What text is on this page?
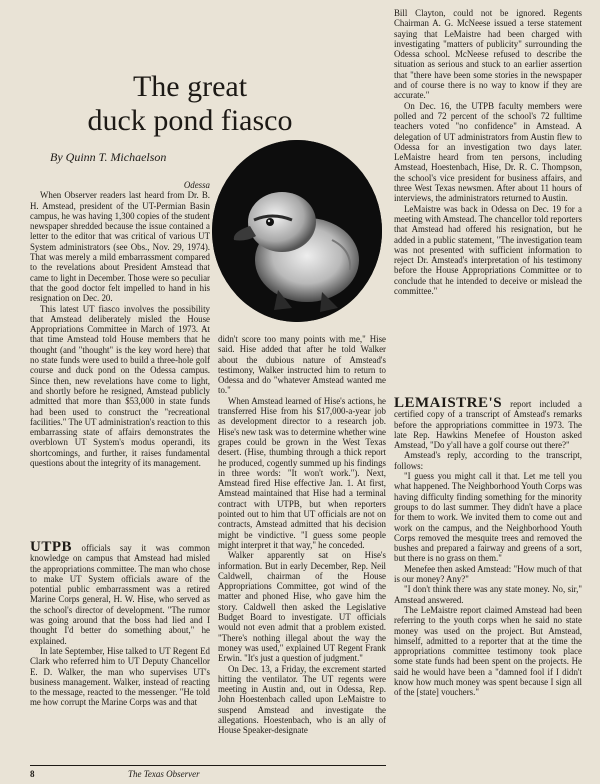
The great
duck pond fiasco
By Quinn T. Michaelson

Odessa

When Observer readers last heard from Dr. B. H. Amstead, president of the UT-Permian Basin campus, he was having 1,300 copies of the student newspaper shredded because the issue contained a letter to the editor that was critical of various UT System administrators (see Obs., Nov. 29, 1974). That was merely a mild embarrassment compared to the revelations about President Amstead that came to light in December. Those were so peculiar that the good doctor felt impelled to hand in his resignation on Dec. 20.

This latest UT fiasco involves the possibility that Amstead deliberately misled the House Appropriations Committee in March of 1973. At that time Amstead told House members that he thought (and "thought" is the key word here) that no state funds were used to build a three-hole golf course and duck pond on the Odessa campus. Since then, new revelations have come to light, and shortly before he resigned, Amstead publicly admitted that more than $53,000 in state funds had been used to construct the "recreational facilities." The UT administration's reaction to this embarrassing state of affairs demonstrates the overblown UT System's modus operandi, its shortcomings, and further, it raises fundamental questions about the integrity of its management.

UTPB officials say it was common knowledge on campus that Amstead had misled the appropriations committee. The man who chose to make UT System officials aware of the potential public embarrassment was a retired Marine Corps general, H. W. Hise, who served as the school's director of development. "The rumor was going around that the boss had lied and I thought I'd better do something about," he explained.

In late September, Hise talked to UT Regent Ed Clark who referred him to UT Deputy Chancellor E. D. Walker, the man who supervises UT's business management. Walker, instead of reacting to the message, reacted to the messenger. "He told me how corrupt the Marine Corps was and that

didn't score too many points with me," Hise said. Hise added that after he told Walker about the dubious nature of Amstead's testimony, Walker instructed him to return to Odessa and do "whatever Amstead wanted me to."

When Amstead learned of Hise's actions, he transferred Hise from his $17,000-a-year job as development director to a research job. Hise's new task was to determine whether wine grapes could be grown in the West Texas desert. (Hise, thumbing through a thick report he produced, cogently summed up his findings in three words: "It won't work."). Next, Amstead fired Hise effective Jan. 1. At first, Amstead maintained that Hise had a terminal contract with UTPB, but when reporters pointed out to him that UT officials are not on contracts, Amstead admitted that his decision might be vindictive. "I guess some people might interpret it that way," he conceded.

Walker apparently sat on Hise's information. But in early December, Rep. Neil Caldwell, chairman of the House Appropriations Committee, got wind of the matter and phoned Hise, who gave him the story. Caldwell then asked the Legislative Budget Board to investigate. UT officials would not even admit that a problem existed. "There's nothing illegal about the way the money was used," explained UT Regent Frank Erwin. "It's just a question of judgment."

On Dec. 13, a Friday, the excrement started hitting the ventilator. The UT regents were meeting in Austin and, out in Odessa, Rep. John Hoestenbach called upon LeMaistre to suspend Amstead and investigate the allegations. Hoestenbach, who is an ally of House Speaker-designate

Bill Clayton, could not be ignored. Regents Chairman A. G. McNeese issued a terse statement saying that LeMaistre had been charged with investigating "matters of publicity" surrounding the Odessa school. McNeese refused to describe the situation as serious and stuck to an earlier assertion that "there have been some stories in the newspaper and of course there is no way to know if they are accurate."

On Dec. 16, the UTPB faculty members were polled and 72 percent of the school's 72 fulltime teachers voted "no confidence" in Amstead. A delegation of UT administrators from Austin flew to Odessa for an investigation two days later. LeMaistre heard from ten persons, including Amstead, Hoestenbach, Hise, Dr. R. C. Thompson, the school's vice president for business affairs, and three West Texas newsmen. After about 11 hours of interviews, the administrators returned to Austin.

LeMaistre was back in Odessa on Dec. 19 for a meeting with Amstead. The chancellor told reporters that Amstead had offered his resignation, but he added in a public statement, "The investigation team was not presented with sufficient information to reject Dr. Amstead's interpretation of his testimony before the House Appropriations Committee or to conclude that he intended to deceive or mislead the committee."

LEMAISTRE'S report included a certified copy of a transcript of Amstead's remarks before the appropriations committee in 1973. The late Rep. Hawkins Menefee of Houston asked Amstead, "Do y'all have a golf course out there?"

Amstead's reply, according to the transcript, follows:

"I guess you might call it that. Let me tell you what happened. The Neighborhood Youth Corps was having difficulty finding something for the minority groups to do last summer. They didn't have a place for them to work. We invited them to come out and work on the campus, and the Neighborhood Youth Corps removed the mesquite trees and removed the bushes and prepared a fairway and greens of a sort, but there is no grass on them."

Menefee then asked Amstead: "How much of that is our money? Any?"

"I don't think there was any state money. No, sir," Amstead answered.

The LeMaistre report claimed Amstead had been referring to the youth corps when he said no state money was used on the project. But Amstead, himself, admitted to a reporter that at the time the appropriations committee testimony took place some state funds had been spent on the projects. He said he would have been a "damned fool if I didn't know how much money was spent because I sign all of the [state] vouchers."

8	The Texas Observer
